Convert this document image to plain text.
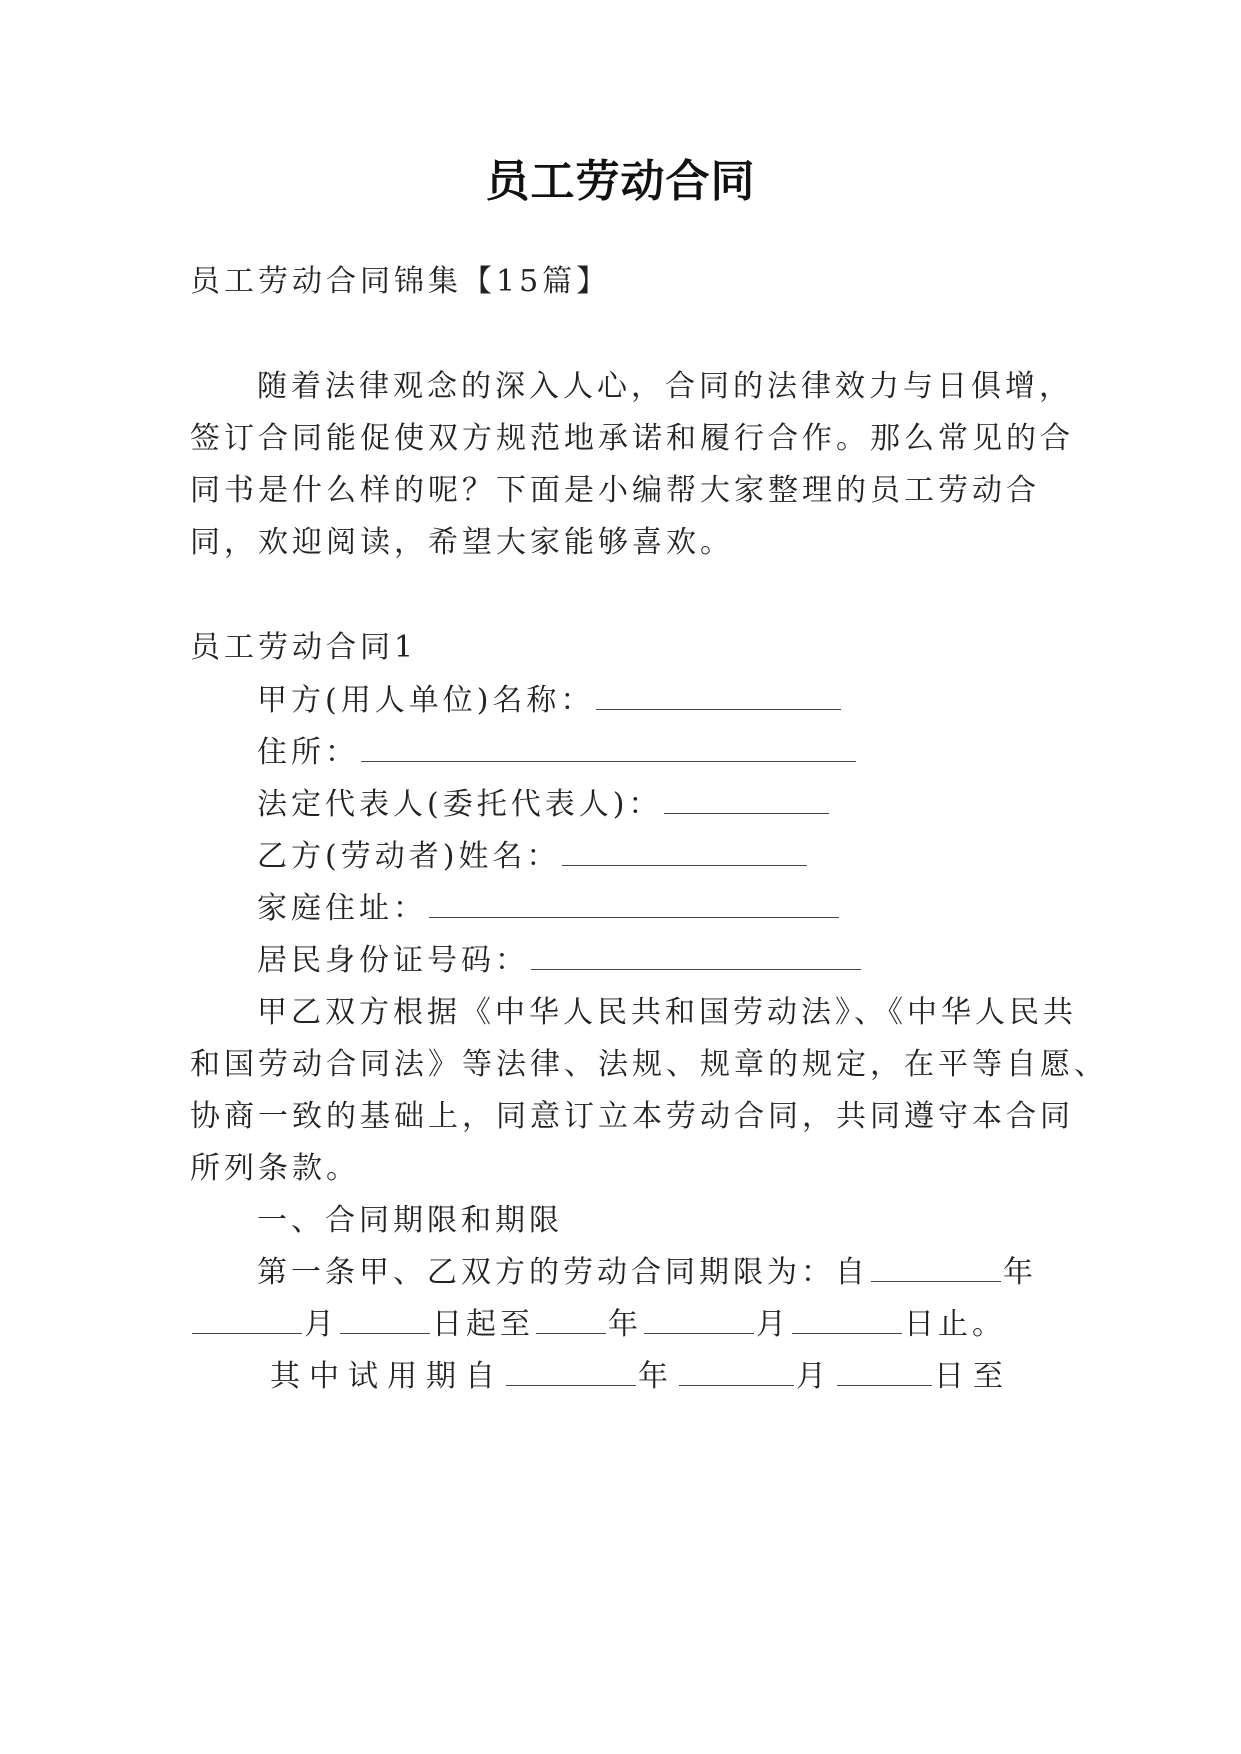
员工劳动合同
员工劳动合同锦集【15篇】
随着法律观念的深入人心，合同的法律效力与日俱增，
签订合同能促使双方规范地承诺和履行合作。那么常见的合
同书是什么样的呢？下面是小编帮大家整理的员工劳动合
同，欢迎阅读，希望大家能够喜欢。
员工劳动合同1
甲方(用人单位)名称：
住所：
法定代表人(委托代表人)：
乙方(劳动者)姓名：
家庭住址：
居民身份证号码：
甲乙双方根据《中华人民共和国劳动法》、《中华人民共
和国劳动合同法》等法律、法规、规章的规定，在平等自愿、
协商一致的基础上，同意订立本劳动合同，共同遵守本合同
所列条款。
一、合同期限和期限
第一条甲、乙双方的劳动合同期限为：自	年
月	日起至 年	月	日止。
其中试用期自	年	月	日至
